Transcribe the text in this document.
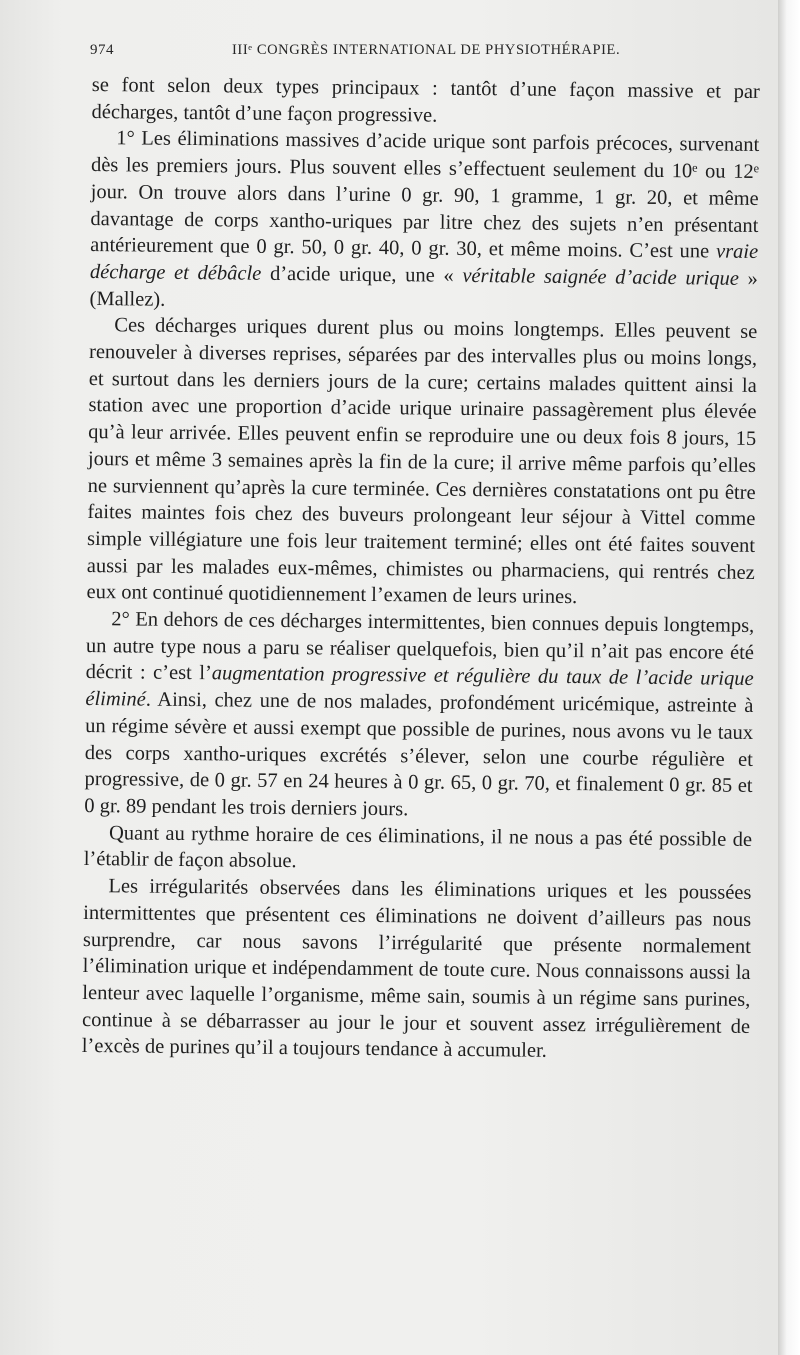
974	IIIᵉ CONGRÈS INTERNATIONAL DE PHYSIOTHÉRAPIE.

se font selon deux types principaux : tantôt d’une façon massive et par décharges, tantôt d’une façon progressive.

1° Les éliminations massives d’acide urique sont parfois précoces, survenant dès les premiers jours. Plus souvent elles s’effectuent seulement du 10ᵉ ou 12ᵉ jour. On trouve alors dans l’urine 0 gr. 90, 1 gramme, 1 gr. 20, et même davantage de corps xantho-uriques par litre chez des sujets n’en présentant antérieurement que 0 gr. 50, 0 gr. 40, 0 gr. 30, et même moins. C’est une vraie décharge et débâcle d’acide urique, une « véritable saignée d’acide urique » (Mallez).

Ces décharges uriques durent plus ou moins longtemps. Elles peuvent se renouveler à diverses reprises, séparées par des intervalles plus ou moins longs, et surtout dans les derniers jours de la cure; certains malades quittent ainsi la station avec une proportion d’acide urique urinaire passagèrement plus élevée qu’à leur arrivée. Elles peuvent enfin se reproduire une ou deux fois 8 jours, 15 jours et même 3 semaines après la fin de la cure; il arrive même parfois qu’elles ne surviennent qu’après la cure terminée. Ces dernières constatations ont pu être faites maintes fois chez des buveurs prolongeant leur séjour à Vittel comme simple villégiature une fois leur traitement terminé; elles ont été faites souvent aussi par les malades eux-mêmes, chimistes ou pharmaciens, qui rentrés chez eux ont continué quotidiennement l’examen de leurs urines.

2° En dehors de ces décharges intermittentes, bien connues depuis longtemps, un autre type nous a paru se réaliser quelquefois, bien qu’il n’ait pas encore été décrit : c’est l’augmentation progressive et régulière du taux de l’acide urique éliminé. Ainsi, chez une de nos malades, profondément uricémique, astreinte à un régime sévère et aussi exempt que possible de purines, nous avons vu le taux des corps xantho-uriques excrétés s’élever, selon une courbe régulière et progressive, de 0 gr. 57 en 24 heures à 0 gr. 65, 0 gr. 70, et finalement 0 gr. 85 et 0 gr. 89 pendant les trois derniers jours.

Quant au rythme horaire de ces éliminations, il ne nous a pas été possible de l’établir de façon absolue.

Les irrégularités observées dans les éliminations uriques et les poussées intermittentes que présentent ces éliminations ne doivent d’ailleurs pas nous surprendre, car nous savons l’irrégularité que présente normalement l’élimination urique et indépendamment de toute cure. Nous connaissons aussi la lenteur avec laquelle l’organisme, même sain, soumis à un régime sans purines, continue à se débarrasser au jour le jour et souvent assez irrégulièrement de l’excès de purines qu’il a toujours tendance à accumuler.
